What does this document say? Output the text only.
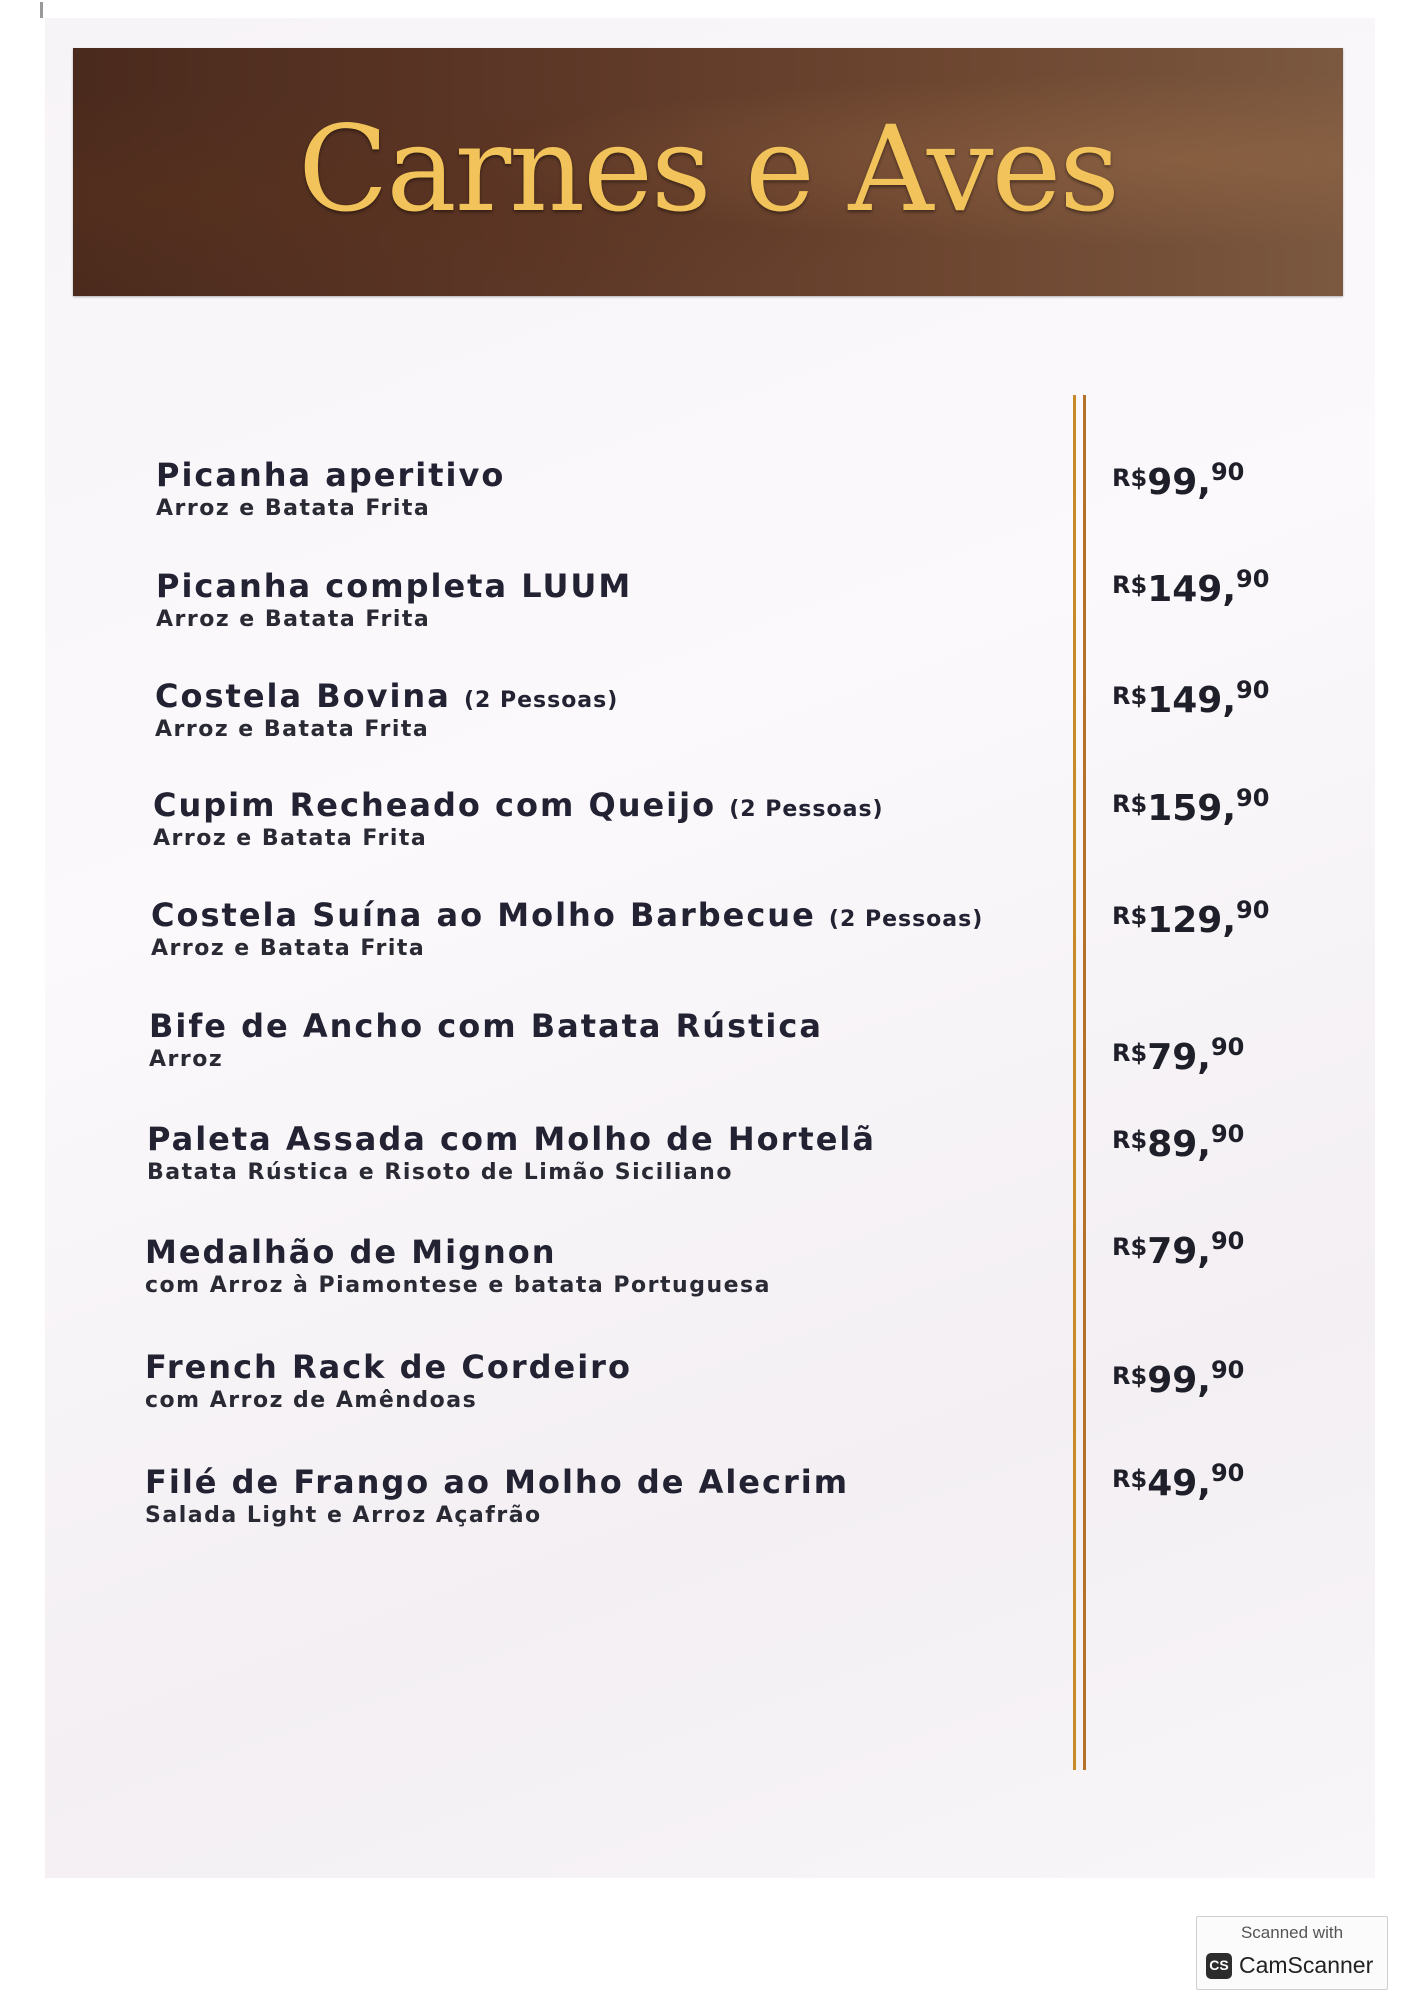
Carnes e Aves
Picanha aperitivo
Arroz e Batata Frita
R$99,90
Picanha completa LUUM
Arroz e Batata Frita
R$149,90
Costela Bovina (2 Pessoas)
Arroz e Batata Frita
R$149,90
Cupim Recheado com Queijo (2 Pessoas)
Arroz e Batata Frita
R$159,90
Costela Suína ao Molho Barbecue (2 Pessoas)
Arroz e Batata Frita
R$129,90
Bife de Ancho com Batata Rústica
Arroz	R$79,90
Paleta Assada com Molho de Hortelã
Batata Rústica e Risoto de Limão Siciliano
R$89,90
Medalhão de Mignon
com Arroz à Piamontese e batata Portuguesa
R$79,90
French Rack de Cordeiro
com Arroz de Amêndoas
R$99,90
Filé de Frango ao Molho de Alecrim
Salada Light e Arroz Açafrão
R$49,90
Scanned with
CS CamScanner
